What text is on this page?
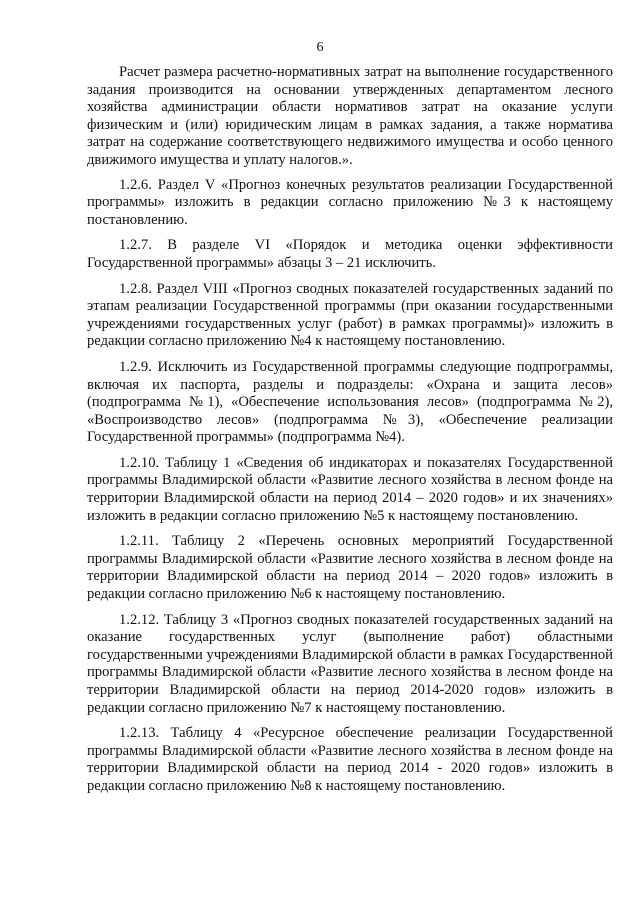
6

Расчет размера расчетно-нормативных затрат на выполнение государственного задания производится на основании утвержденных департаментом лесного хозяйства администрации области нормативов затрат на оказание услуги физическим и (или) юридическим лицам в рамках задания, а также норматива затрат на содержание соответствующего недвижимого имущества и особо ценного движимого имущества и уплату налогов.».

1.2.6. Раздел V «Прогноз конечных результатов реализации Государственной программы» изложить в редакции согласно приложению №3 к настоящему постановлению.

1.2.7. В разделе VI «Порядок и методика оценки эффективности Государственной программы» абзацы 3 – 21 исключить.

1.2.8. Раздел VIII «Прогноз сводных показателей государственных заданий по этапам реализации Государственной программы (при оказании государственными учреждениями государственных услуг (работ) в рамках программы)» изложить в редакции согласно приложению №4 к настоящему постановлению.

1.2.9. Исключить из Государственной программы следующие подпрограммы, включая их паспорта, разделы и подразделы: «Охрана и защита лесов» (подпрограмма №1), «Обеспечение использования лесов» (подпрограмма №2), «Воспроизводство лесов» (подпрограмма №3), «Обеспечение реализации Государственной программы» (подпрограмма №4).

1.2.10. Таблицу 1 «Сведения об индикаторах и показателях Государственной программы Владимирской области «Развитие лесного хозяйства в лесном фонде на территории Владимирской области на период 2014 – 2020 годов» и их значениях» изложить в редакции согласно приложению №5 к настоящему постановлению.

1.2.11. Таблицу 2 «Перечень основных мероприятий Государственной программы Владимирской области «Развитие лесного хозяйства в лесном фонде на территории Владимирской области на период 2014 – 2020 годов» изложить в редакции согласно приложению №6 к настоящему постановлению.

1.2.12. Таблицу 3 «Прогноз сводных показателей государственных заданий на оказание государственных услуг (выполнение работ) областными государственными учреждениями Владимирской области в рамках Государственной программы Владимирской области «Развитие лесного хозяйства в лесном фонде на территории Владимирской области на период 2014-2020 годов» изложить в редакции согласно приложению №7 к настоящему постановлению.

1.2.13. Таблицу 4 «Ресурсное обеспечение реализации Государственной программы Владимирской области «Развитие лесного хозяйства в лесном фонде на территории Владимирской области на период 2014 - 2020 годов» изложить в редакции согласно приложению №8 к настоящему постановлению.
